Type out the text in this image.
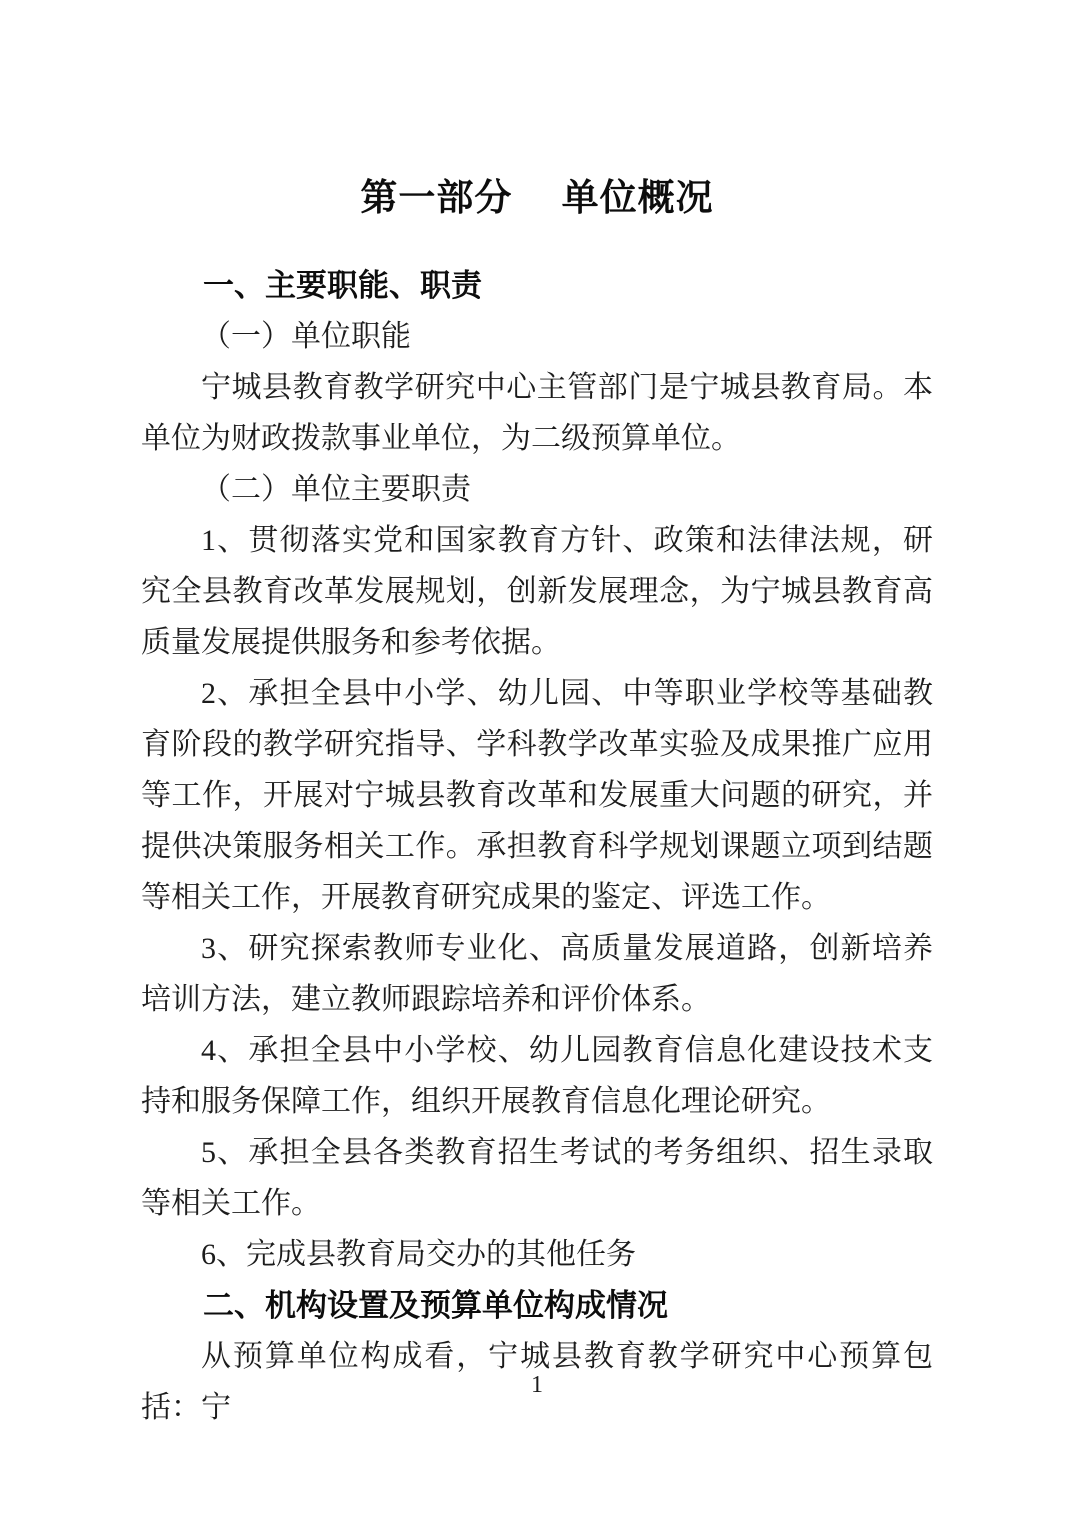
第一部分　 单位概况

一、主要职能、职责

（一）单位职能

宁城县教育教学研究中心主管部门是宁城县教育局。本单位为财政拨款事业单位，为二级预算单位。

（二）单位主要职责

1、贯彻落实党和国家教育方针、政策和法律法规，研究全县教育改革发展规划，创新发展理念，为宁城县教育高质量发展提供服务和参考依据。

2、承担全县中小学、幼儿园、中等职业学校等基础教育阶段的教学研究指导、学科教学改革实验及成果推广应用等工作，开展对宁城县教育改革和发展重大问题的研究，并提供决策服务相关工作。承担教育科学规划课题立项到结题等相关工作，开展教育研究成果的鉴定、评选工作。

3、研究探索教师专业化、高质量发展道路，创新培养培训方法，建立教师跟踪培养和评价体系。

4、承担全县中小学校、幼儿园教育信息化建设技术支持和服务保障工作，组织开展教育信息化理论研究。

5、承担全县各类教育招生考试的考务组织、招生录取等相关工作。

6、完成县教育局交办的其他任务

二、机构设置及预算单位构成情况

从预算单位构成看，宁城县教育教学研究中心预算包括：宁

1
